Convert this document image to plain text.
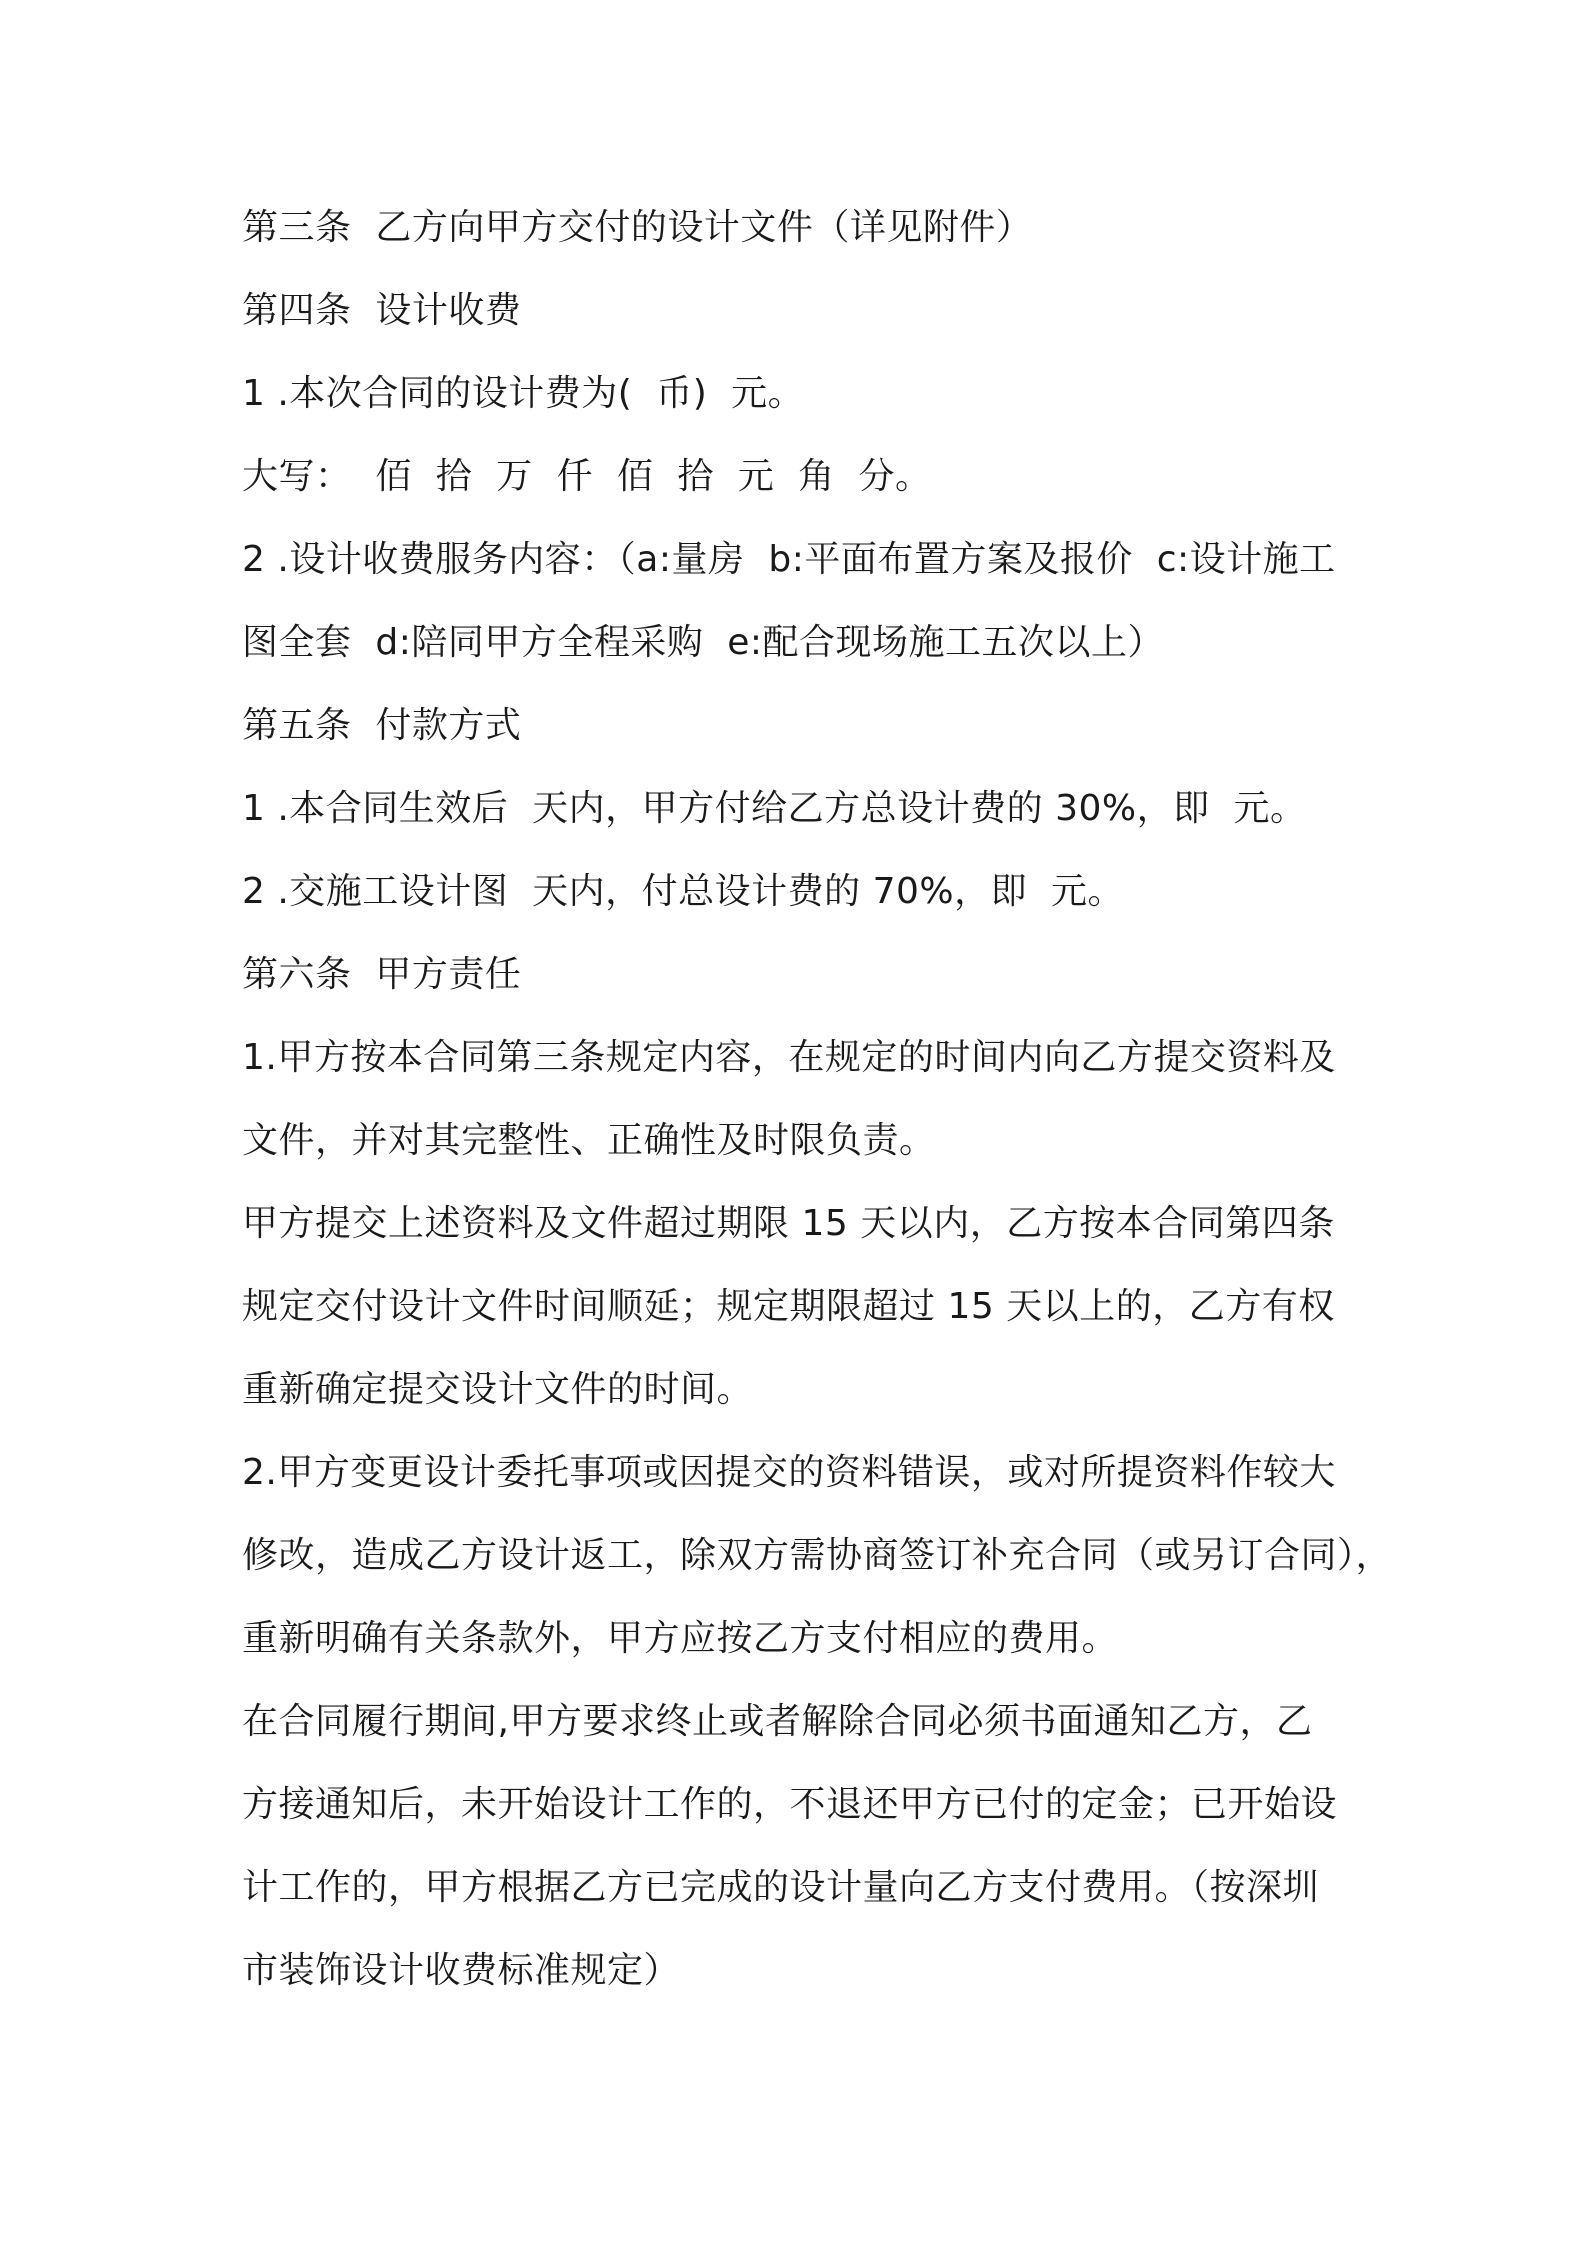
第三条  乙方向甲方交付的设计文件（详见附件）
第四条  设计收费
1 .本次合同的设计费为(  币)  元。
大写：  佰  拾  万  仟  佰  拾  元  角  分。
2 .设计收费服务内容：（a:量房  b:平面布置方案及报价  c:设计施工
图全套  d:陪同甲方全程采购  e:配合现场施工五次以上）
第五条  付款方式
1 .本合同生效后  天内，甲方付给乙方总设计费的 30%，即  元。
2 .交施工设计图  天内，付总设计费的 70%，即  元。
第六条  甲方责任
1.甲方按本合同第三条规定内容，在规定的时间内向乙方提交资料及
文件，并对其完整性、正确性及时限负责。
甲方提交上述资料及文件超过期限 15 天以内，乙方按本合同第四条
规定交付设计文件时间顺延；规定期限超过 15 天以上的，乙方有权
重新确定提交设计文件的时间。
2.甲方变更设计委托事项或因提交的资料错误，或对所提资料作较大
修改，造成乙方设计返工，除双方需协商签订补充合同（或另订合同），
重新明确有关条款外，甲方应按乙方支付相应的费用。
在合同履行期间,甲方要求终止或者解除合同必须书面通知乙方，乙
方接通知后，未开始设计工作的，不退还甲方已付的定金；已开始设
计工作的，甲方根据乙方已完成的设计量向乙方支付费用。（按深圳
市装饰设计收费标准规定）
